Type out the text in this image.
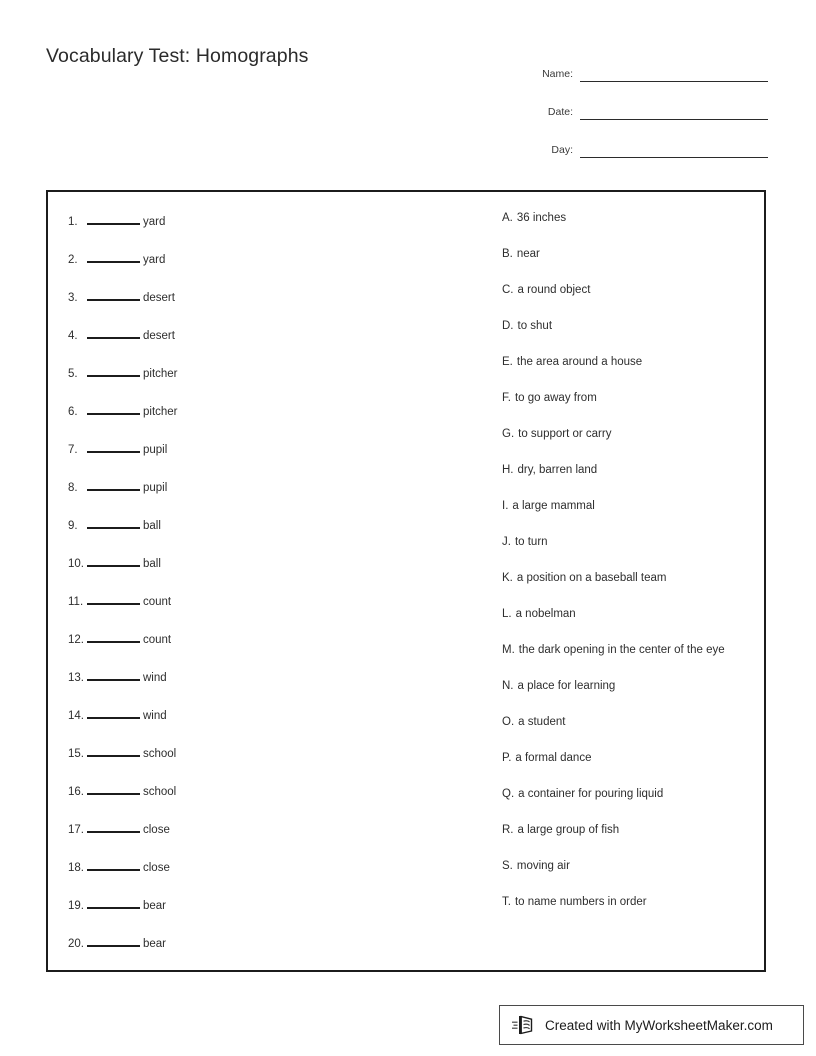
Vocabulary Test: Homographs
Name:
Date:
Day:
1.	yard
2.	yard
3.	desert
4.	desert
5.	pitcher
6.	pitcher
7.	pupil
8.	pupil
9.	ball
10.	ball
11.	count
12.	count
13.	wind
14.	wind
15.	school
16.	school
17.	close
18.	close
19.	bear
20.	bear
A. 36 inches
B. near
C. a round object
D. to shut
E. the area around a house
F. to go away from
G. to support or carry
H. dry, barren land
I. a large mammal
J. to turn
K. a position on a baseball team
L. a nobelman
M. the dark opening in the center of the eye
N. a place for learning
O. a student
P. a formal dance
Q. a container for pouring liquid
R. a large group of fish
S. moving air
T. to name numbers in order
Created with MyWorksheetMaker.com
